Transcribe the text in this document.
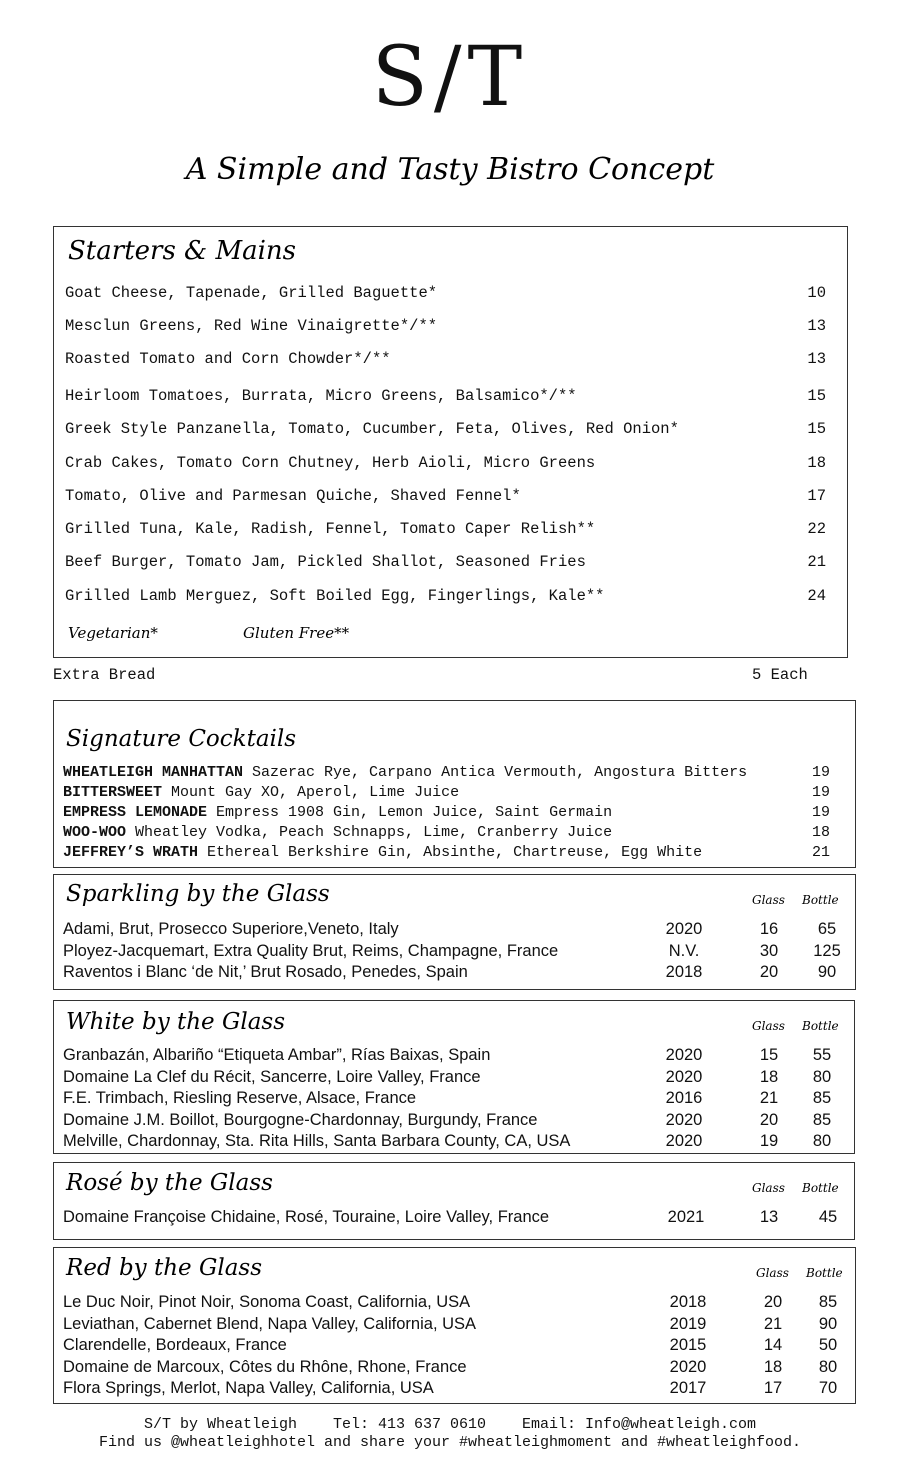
S/T
A Simple and Tasty Bistro Concept
Starters & Mains
Goat Cheese, Tapenade, Grilled Baguette*	10
Mesclun Greens, Red Wine Vinaigrette*/**	13
Roasted Tomato and Corn Chowder*/**	13
Heirloom Tomatoes, Burrata, Micro Greens, Balsamico*/**	15
Greek Style Panzanella, Tomato, Cucumber, Feta, Olives, Red Onion*	15
Crab Cakes, Tomato Corn Chutney, Herb Aioli, Micro Greens	18
Tomato, Olive and Parmesan Quiche, Shaved Fennel*	17
Grilled Tuna, Kale, Radish, Fennel, Tomato Caper Relish**	22
Beef Burger, Tomato Jam, Pickled Shallot, Seasoned Fries	21
Grilled Lamb Merguez, Soft Boiled Egg, Fingerlings, Kale**	24
Vegetarian*	Gluten Free**
Extra Bread	5 Each
Signature Cocktails
WHEATLEIGH MANHATTAN Sazerac Rye, Carpano Antica Vermouth, Angostura Bitters	19
BITTERSWEET Mount Gay XO, Aperol, Lime Juice	19
EMPRESS LEMONADE Empress 1908 Gin, Lemon Juice, Saint Germain	19
WOO-WOO Wheatley Vodka, Peach Schnapps, Lime, Cranberry Juice	18
JEFFREY’S WRATH Ethereal Berkshire Gin, Absinthe, Chartreuse, Egg White	21
Sparkling by the Glass	Glass Bottle
Adami, Brut, Prosecco Superiore,Veneto, Italy	2020	16	65
Ployez-Jacquemart, Extra Quality Brut, Reims, Champagne, France	N.V.	30	125
Raventos i Blanc ‘de Nit,’ Brut Rosado, Penedes, Spain	2018	20	90
White by the Glass	Glass Bottle
Granbazán, Albariño “Etiqueta Ambar”, Rías Baixas, Spain	2020	15	55
Domaine La Clef du Récit, Sancerre, Loire Valley, France	2020	18	80
F.E. Trimbach, Riesling Reserve, Alsace, France	2016	21	85
Domaine J.M. Boillot, Bourgogne-Chardonnay, Burgundy, France	2020	20	85
Melville, Chardonnay, Sta. Rita Hills, Santa Barbara County, CA, USA	2020	19	80
Rosé by the Glass	Glass Bottle
Domaine Françoise Chidaine, Rosé, Touraine, Loire Valley, France	2021	13	45
Red by the Glass	Glass Bottle
Le Duc Noir, Pinot Noir, Sonoma Coast, California, USA	2018	20	85
Leviathan, Cabernet Blend, Napa Valley, California, USA	2019	21	90
Clarendelle, Bordeaux, France	2015	14	50
Domaine de Marcoux, Côtes du Rhône, Rhone, France	2020	18	80
Flora Springs, Merlot, Napa Valley, California, USA	2017	17	70
S/T by Wheatleigh    Tel: 413 637 0610    Email: Info@wheatleigh.com
Find us @wheatleighhotel and share your #wheatleighmoment and #wheatleighfood.
